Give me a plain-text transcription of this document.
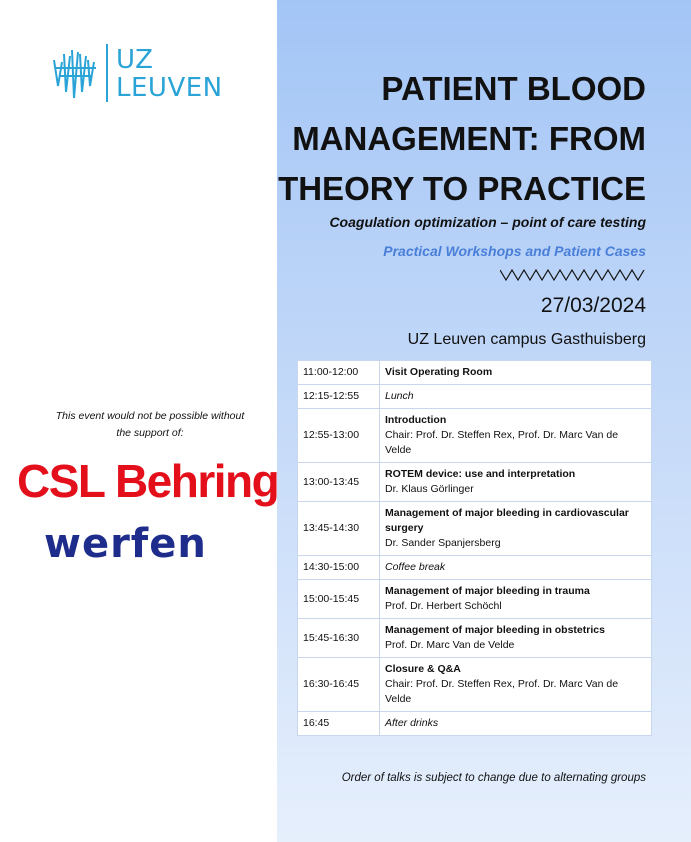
UZ
LEUVEN	PATIENT BLOOD
MANAGEMENT: FROM
THEORY TO PRACTICE
Coagulation optimization – point of care testing
Practical Workshops and Patient Cases
27/03/2024
UZ Leuven campus Gasthuisberg
11:00-12:00	Visit Operating Room

12:15-12:55	Lunch
12:55-13:00	Introduction
Chair: Prof. Dr. Steffen Rex, Prof. Dr. Marc Van de Velde

13:00-13:45	ROTEM device: use and interpretation
Dr. Klaus Görlinger

13:45-14:30	Management of major bleeding in cardiovascular surgery
Dr. Sander Spanjersberg

14:30-15:00	Coffee break
15:00-15:45	Management of major bleeding in trauma
Prof. Dr. Herbert Schöchl

15:45-16:30	Management of major bleeding in obstetrics
Prof. Dr. Marc Van de Velde

16:30-16:45	Closure & Q&A
Chair: Prof. Dr. Steffen Rex, Prof. Dr. Marc Van de Velde

16:45	After drinks
Order of talks is subject to change due to alternating groups
This event would not be possible without
the support of:
CSL Behring
werfen
